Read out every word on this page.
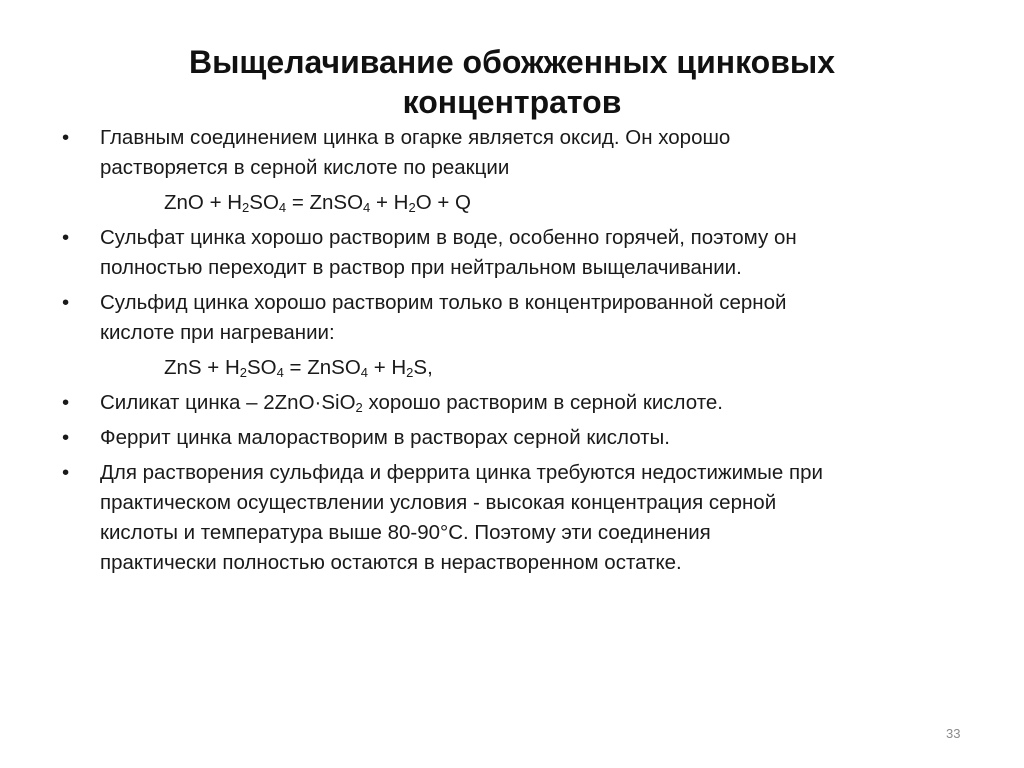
Выщелачивание обожженных цинковых
концентратов
• Главным соединением цинка в огарке является оксид. Он хорошо
растворяется в серной кислоте по реакции
ZnO + $H_2SO_4$ = ZnSO$_4$ + $H_2O + Q$
• Сульфат цинка хорошо растворим в воде, особенно горячей, поэтому он
полностью переходит в раствор при нейтральном выщелачивании.
• Сульфид цинка хорошо растворим только в концентрированной серной
кислоте при нагревании:
ZnS + $H_2SO_4$ = ZnSO$_4$ + $H_2S$,
• Силикат цинка – 2ZnO·SiO$_2$ хорошо растворим в серной кислоте.
• Феррит цинка малорастворим в растворах серной кислоты.
• Для растворения сульфида и феррита цинка требуются недостижимые при
практическом осуществлении условия - высокая концентрация серной
кислоты и температура выше 80-90°С. Поэтому эти соединения
практически полностью остаются в нерастворенном остатке.
33
